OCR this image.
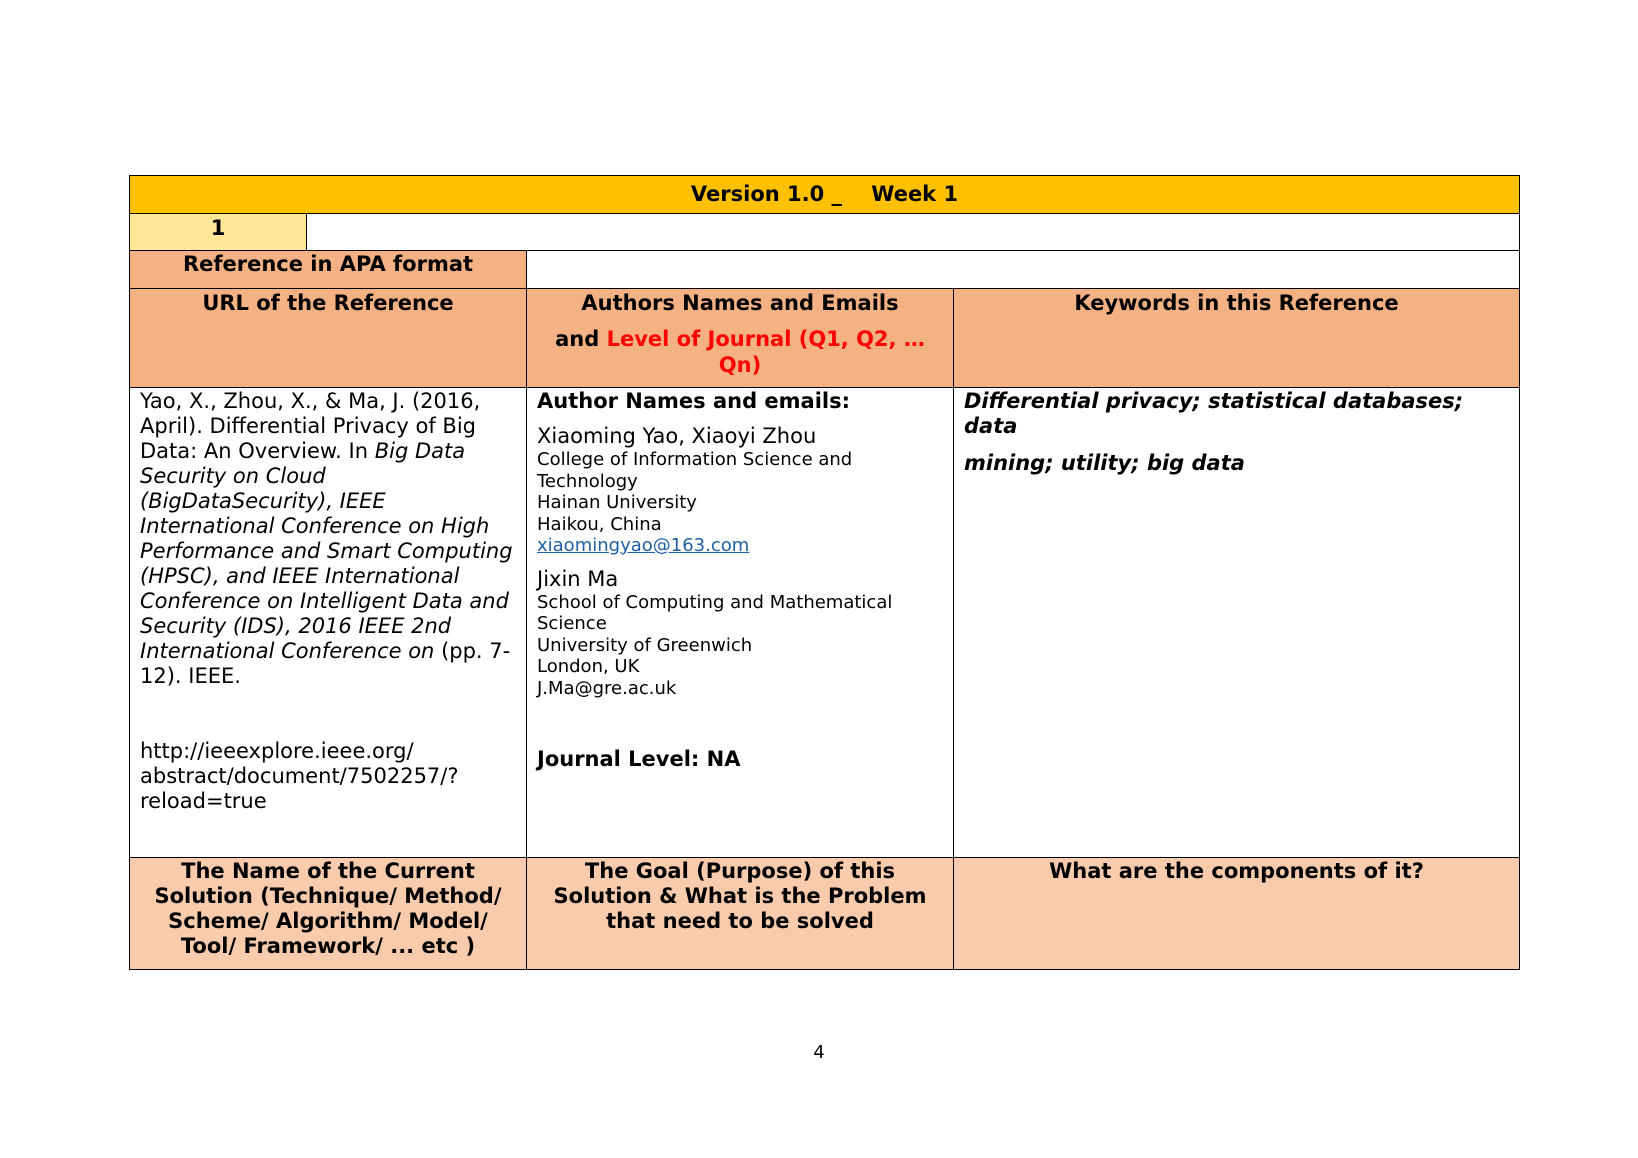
Version 1.0 _ Week 1
1
Reference in APA format
URL of the Reference	Authors Names and Emails

and Level of Journal (Q1, Q2, … Qn)

Keywords in this Reference

Yao, X., Zhou, X., & Ma, J. (2016, April). Differential Privacy of Big Data: An Overview. In Big Data Security on Cloud (BigDataSecurity), IEEE International Conference on High Performance and Smart Computing (HPSC), and IEEE International Conference on Intelligent Data and Security (IDS), 2016 IEEE 2nd International Conference on (pp. 7-12). IEEE.

http://ieeexplore.ieee.org/ abstract/document/7502257/? reload=true

Author Names and emails:

Xiaoming Yao, Xiaoyi Zhou

College of Information Science and Technology

Hainan University

Haikou, China

xiaomingyao@163.com

Jixin Ma

School of Computing and Mathematical Science

University of Greenwich

London, UK

J.Ma@gre.ac.uk

Journal Level: NA

Differential privacy; statistical databases; data

mining; utility; big data

The Name of the Current Solution (Technique/ Method/ Scheme/ Algorithm/ Model/ Tool/ Framework/ ... etc )
The Goal (Purpose) of this Solution & What is the Problem that need to be solved
What are the components of it?
4
